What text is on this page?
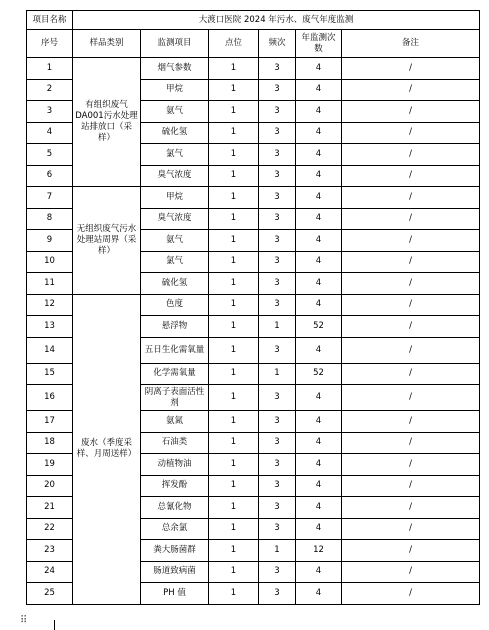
项目名称	大渡口医院 2024 年污水、废气年度监测					
序号	样品类别	监测项目	点位	频次	年监测次数	备注
1	有组织废气DA001污水处理站排放口（采样）	烟气参数	1	3	4	/
2		甲烷	1	3	4	/
3		氨气	1	3	4	/
4		硫化氢	1	3	4	/
5		氯气	1	3	4	/
6		臭气浓度	1	3	4	/
7	无组织废气污水处理站周界（采样）	甲烷	1	3	4	/
8		臭气浓度	1	3	4	/
9		氨气	1	3	4	/
10		氯气	1	3	4	/
11		硫化氢	1	3	4	/
12	废水（季度采样、月周送样）	色度	1	3	4	/
13		悬浮物	1	1	52	/
14		五日生化需氧量	1	3	4	/
15		化学需氧量	1	1	52	/
16		阴离子表面活性剂	1	3	4	/
17		氨氮	1	3	4	/
18		石油类	1	3	4	/
19		动植物油	1	3	4	/
20		挥发酚	1	3	4	/
21		总氰化物	1	3	4	/
22		总余氯	1	3	4	/
23		粪大肠菌群	1	1	12	/
24		肠道致病菌	1	3	4	/
25		PH 值	1	3	4	/
⠿
